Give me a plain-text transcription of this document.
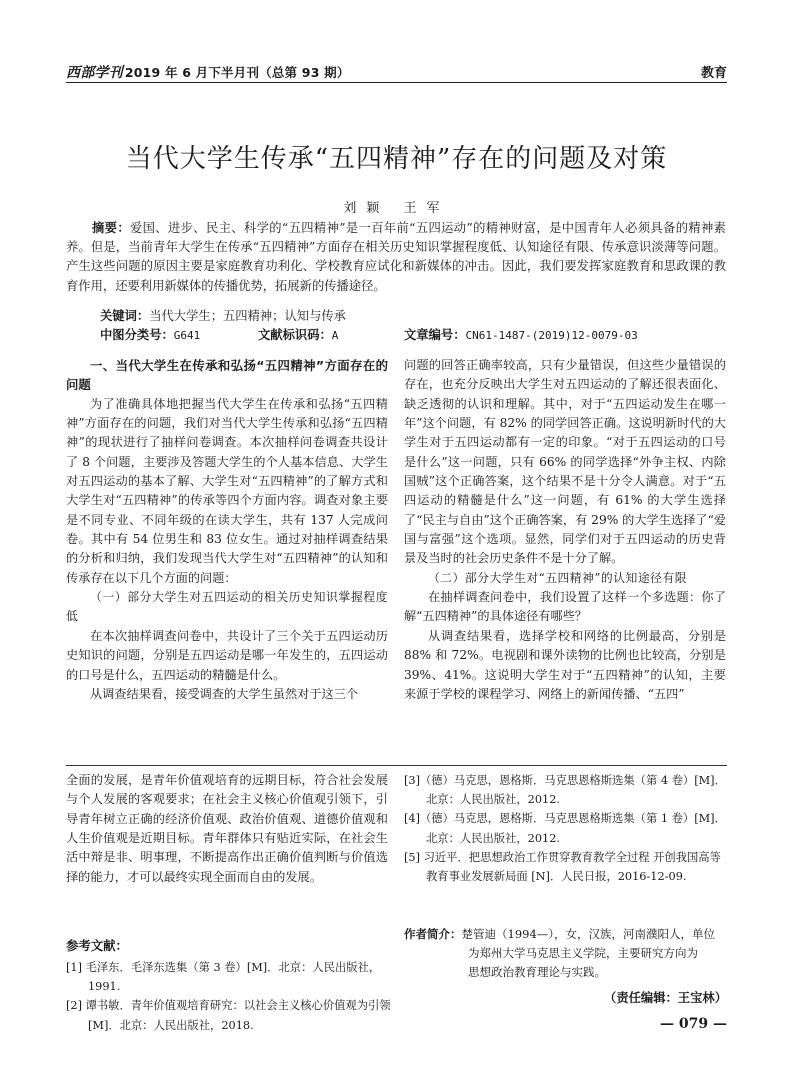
西部学刊 2019 年 6 月下半月刊（总第 93 期）	教育
当代大学生传承“五四精神”存在的问题及对策
刘颖 王军
摘要：爱国、进步、民主、科学的“五四精神”是一百年前“五四运动”的精神财富，是中国青年人必须具备的精神素养。但是，当前青年大学生在传承“五四精神”方面存在相关历史知识掌握程度低、认知途径有限、传承意识淡薄等问题。产生这些问题的原因主要是家庭教育功利化、学校教育应试化和新媒体的冲击。因此，我们要发挥家庭教育和思政课的教育作用，还要利用新媒体的传播优势，拓展新的传播途径。
关键词：当代大学生；五四精神；认知与传承
中图分类号：G641	文献标识码：A	文章编号：CN61-1487-(2019)12-0079-03

一、当代大学生在传承和弘扬“五四精神”方面存在的问题

为了准确具体地把握当代大学生在传承和弘扬“五四精神”方面存在的问题，我们对当代大学生传承和弘扬“五四精神”的现状进行了抽样问卷调查。本次抽样问卷调查共设计了 8 个问题，主要涉及答题大学生的个人基本信息、大学生对五四运动的基本了解、大学生对“五四精神”的了解方式和大学生对“五四精神”的传承等四个方面内容。调查对象主要是不同专业、不同年级的在读大学生，共有 137 人完成问卷。其中有 54 位男生和 83 位女生。通过对抽样调查结果的分析和归纳，我们发现当代大学生对“五四精神”的认知和传承存在以下几个方面的问题：

（一）部分大学生对五四运动的相关历史知识掌握程度低

在本次抽样调查问卷中，共设计了三个关于五四运动历史知识的问题，分别是五四运动是哪一年发生的，五四运动的口号是什么，五四运动的精髓是什么。

从调查结果看，接受调查的大学生虽然对于这三个

问题的回答正确率较高，只有少量错误，但这些少量错误的存在，也充分反映出大学生对五四运动的了解还很表面化、缺乏透彻的认识和理解。其中，对于“五四运动发生在哪一年”这个问题，有 82% 的同学回答正确。这说明新时代的大学生对于五四运动都有一定的印象。“对于五四运动的口号是什么”这一问题，只有 66% 的同学选择“外争主权、内除国贼”这个正确答案，这个结果不是十分令人满意。对于“五四运动的精髓是什么”这一问题，有 61% 的大学生选择了“民主与自由”这个正确答案，有 29% 的大学生选择了“爱国与富强”这个选项。显然，同学们对于五四运动的历史背景及当时的社会历史条件不是十分了解。

（二）部分大学生对“五四精神”的认知途径有限

在抽样调查问卷中，我们设置了这样一个多选题：你了解“五四精神”的具体途径有哪些？

从调查结果看，选择学校和网络的比例最高，分别是 88% 和 72%。电视剧和课外读物的比例也比较高，分别是 39%、41%。这说明大学生对于“五四精神”的认知，主要来源于学校的课程学习、网络上的新闻传播、“五四”

全面的发展，是青年价值观培育的远期目标，符合社会发展与个人发展的客观要求；在社会主义核心价值观引领下，引导青年树立正确的经济价值观、政治价值观、道德价值观和人生价值观是近期目标。青年群体只有贴近实际，在社会生活中辩是非、明事理，不断提高作出正确价值判断与价值选择的能力，才可以最终实现全面而自由的发展。

参考文献：

[1] 毛泽东．毛泽东选集（第 3 卷）[M]．北京：人民出版社，1991.

[2] 谭书敏．青年价值观培育研究：以社会主义核心价值观为引领 [M]．北京：人民出版社，2018.

[3]（德）马克思，恩格斯．马克思恩格斯选集（第 4 卷）[M]．北京：人民出版社，2012.

[4]（德）马克思，恩格斯．马克思恩格斯选集（第 1 卷）[M]．北京：人民出版社，2012.

[5] 习近平．把思想政治工作贯穿教育教学全过程 开创我国高等教育事业发展新局面 [N]．人民日报，2016-12-09.

作者简介：楚管迪（1994—），女，汉族，河南濮阳人，单位
为郑州大学马克思主义学院，主要研究方向为
思想政治教育理论与实践。
（责任编辑：王宝林）
— 079 —
